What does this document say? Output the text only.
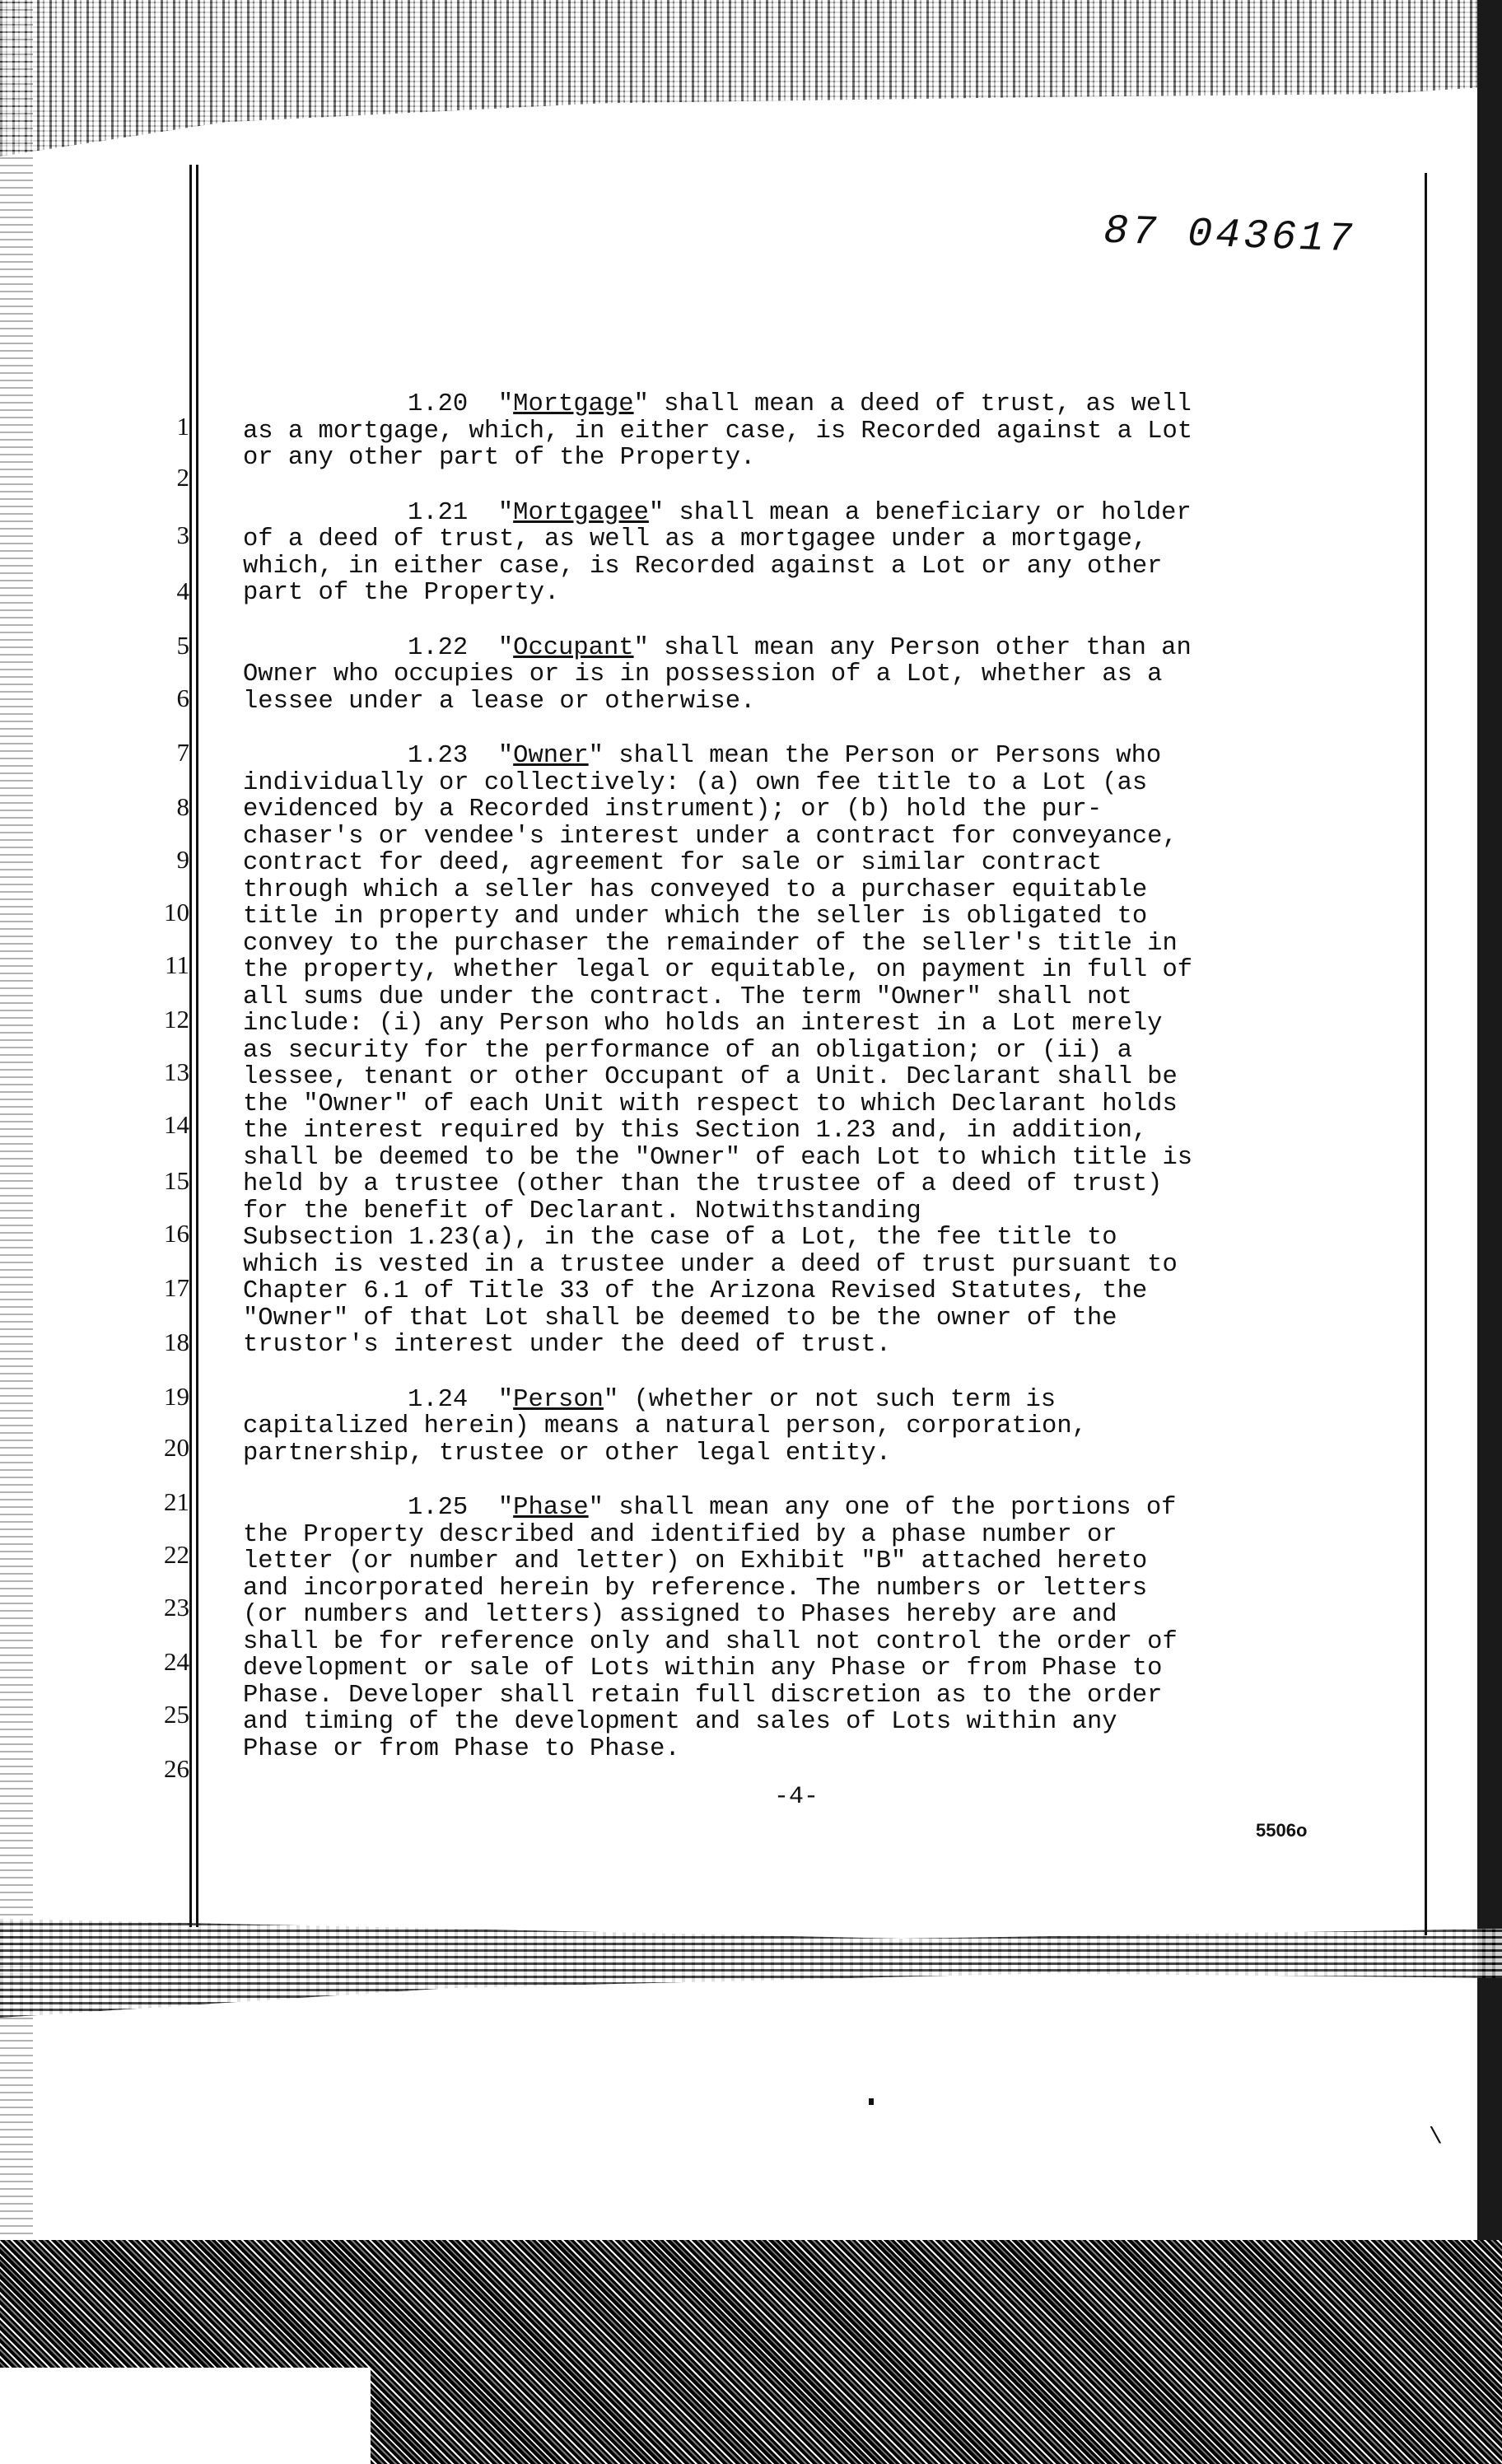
87 043617
1
2
3
4
5
6
7
8
9
10
11
12
13
14
15
16
17
18
19
20
21
22
23
24
25
26

1.20  "Mortgage" shall mean a deed of trust, as well
as a mortgage, which, in either case, is Recorded against a Lot
or any other part of the Property.

1.21  "Mortgagee" shall mean a beneficiary or holder
of a deed of trust, as well as a mortgagee under a mortgage,
which, in either case, is Recorded against a Lot or any other
part of the Property.

1.22  "Occupant" shall mean any Person other than an
Owner who occupies or is in possession of a Lot, whether as a
lessee under a lease or otherwise.

1.23  "Owner" shall mean the Person or Persons who
individually or collectively: (a) own fee title to a Lot (as
evidenced by a Recorded instrument); or (b) hold the pur-
chaser's or vendee's interest under a contract for conveyance,
contract for deed, agreement for sale or similar contract
through which a seller has conveyed to a purchaser equitable
title in property and under which the seller is obligated to
convey to the purchaser the remainder of the seller's title in
the property, whether legal or equitable, on payment in full of
all sums due under the contract. The term "Owner" shall not
include: (i) any Person who holds an interest in a Lot merely
as security for the performance of an obligation; or (ii) a
lessee, tenant or other Occupant of a Unit. Declarant shall be
the "Owner" of each Unit with respect to which Declarant holds
the interest required by this Section 1.23 and, in addition,
shall be deemed to be the "Owner" of each Lot to which title is
held by a trustee (other than the trustee of a deed of trust)
for the benefit of Declarant. Notwithstanding
Subsection 1.23(a), in the case of a Lot, the fee title to
which is vested in a trustee under a deed of trust pursuant to
Chapter 6.1 of Title 33 of the Arizona Revised Statutes, the
"Owner" of that Lot shall be deemed to be the owner of the
trustor's interest under the deed of trust.

1.24  "Person" (whether or not such term is
capitalized herein) means a natural person, corporation,
partnership, trustee or other legal entity.

1.25  "Phase" shall mean any one of the portions of
the Property described and identified by a phase number or
letter (or number and letter) on Exhibit "B" attached hereto
and incorporated herein by reference. The numbers or letters
(or numbers and letters) assigned to Phases hereby are and
shall be for reference only and shall not control the order of
development or sale of Lots within any Phase or from Phase to
Phase. Developer shall retain full discretion as to the order
and timing of the development and sales of Lots within any
Phase or from Phase to Phase.

-4-
5506o
\
